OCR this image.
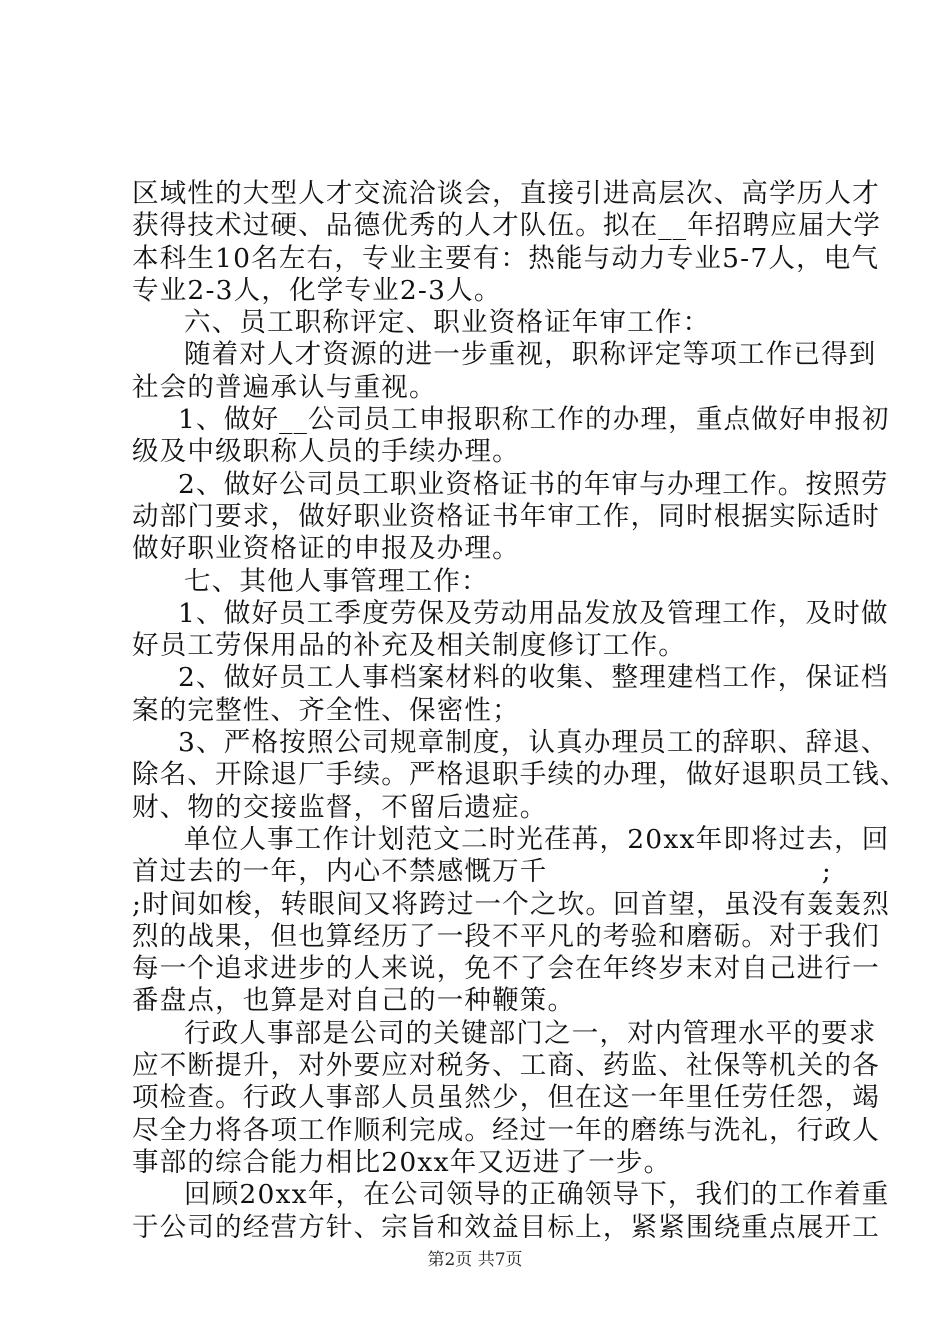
区域性的大型人才交流洽谈会，直接引进高层次、高学历人才
获得技术过硬、品德优秀的人才队伍。拟在__年招聘应届大学
本科生10名左右，专业主要有：热能与动力专业5-7人，电气
专业2-3人，化学专业2-3人。
六、员工职称评定、职业资格证年审工作：
随着对人才资源的进一步重视，职称评定等项工作已得到
社会的普遍承认与重视。
1、做好__公司员工申报职称工作的办理，重点做好申报初
级及中级职称人员的手续办理。
2、做好公司员工职业资格证书的年审与办理工作。按照劳
动部门要求，做好职业资格证书年审工作，同时根据实际适时
做好职业资格证的申报及办理。
七、其他人事管理工作：
1、做好员工季度劳保及劳动用品发放及管理工作，及时做
好员工劳保用品的补充及相关制度修订工作。
2、做好员工人事档案材料的收集、整理建档工作，保证档
案的完整性、齐全性、保密性；
3、严格按照公司规章制度，认真办理员工的辞职、辞退、
除名、开除退厂手续。严格退职手续的办理，做好退职员工钱、
财、物的交接监督，不留后遗症。
单位人事工作计划范文二时光荏苒，20xx年即将过去，回
首过去的一年，内心不禁感慨万千	;
;时间如梭，转眼间又将跨过一个之坎。回首望，虽没有轰轰烈
烈的战果，但也算经历了一段不平凡的考验和磨砺。对于我们
每一个追求进步的人来说，免不了会在年终岁末对自己进行一
番盘点，也算是对自己的一种鞭策。
行政人事部是公司的关键部门之一，对内管理水平的要求
应不断提升，对外要应对税务、工商、药监、社保等机关的各
项检查。行政人事部人员虽然少，但在这一年里任劳任怨，竭
尽全力将各项工作顺利完成。经过一年的磨练与洗礼，行政人
事部的综合能力相比20xx年又迈进了一步。
回顾20xx年，在公司领导的正确领导下，我们的工作着重
于公司的经营方针、宗旨和效益目标上，紧紧围绕重点展开工
第2页 共7页
